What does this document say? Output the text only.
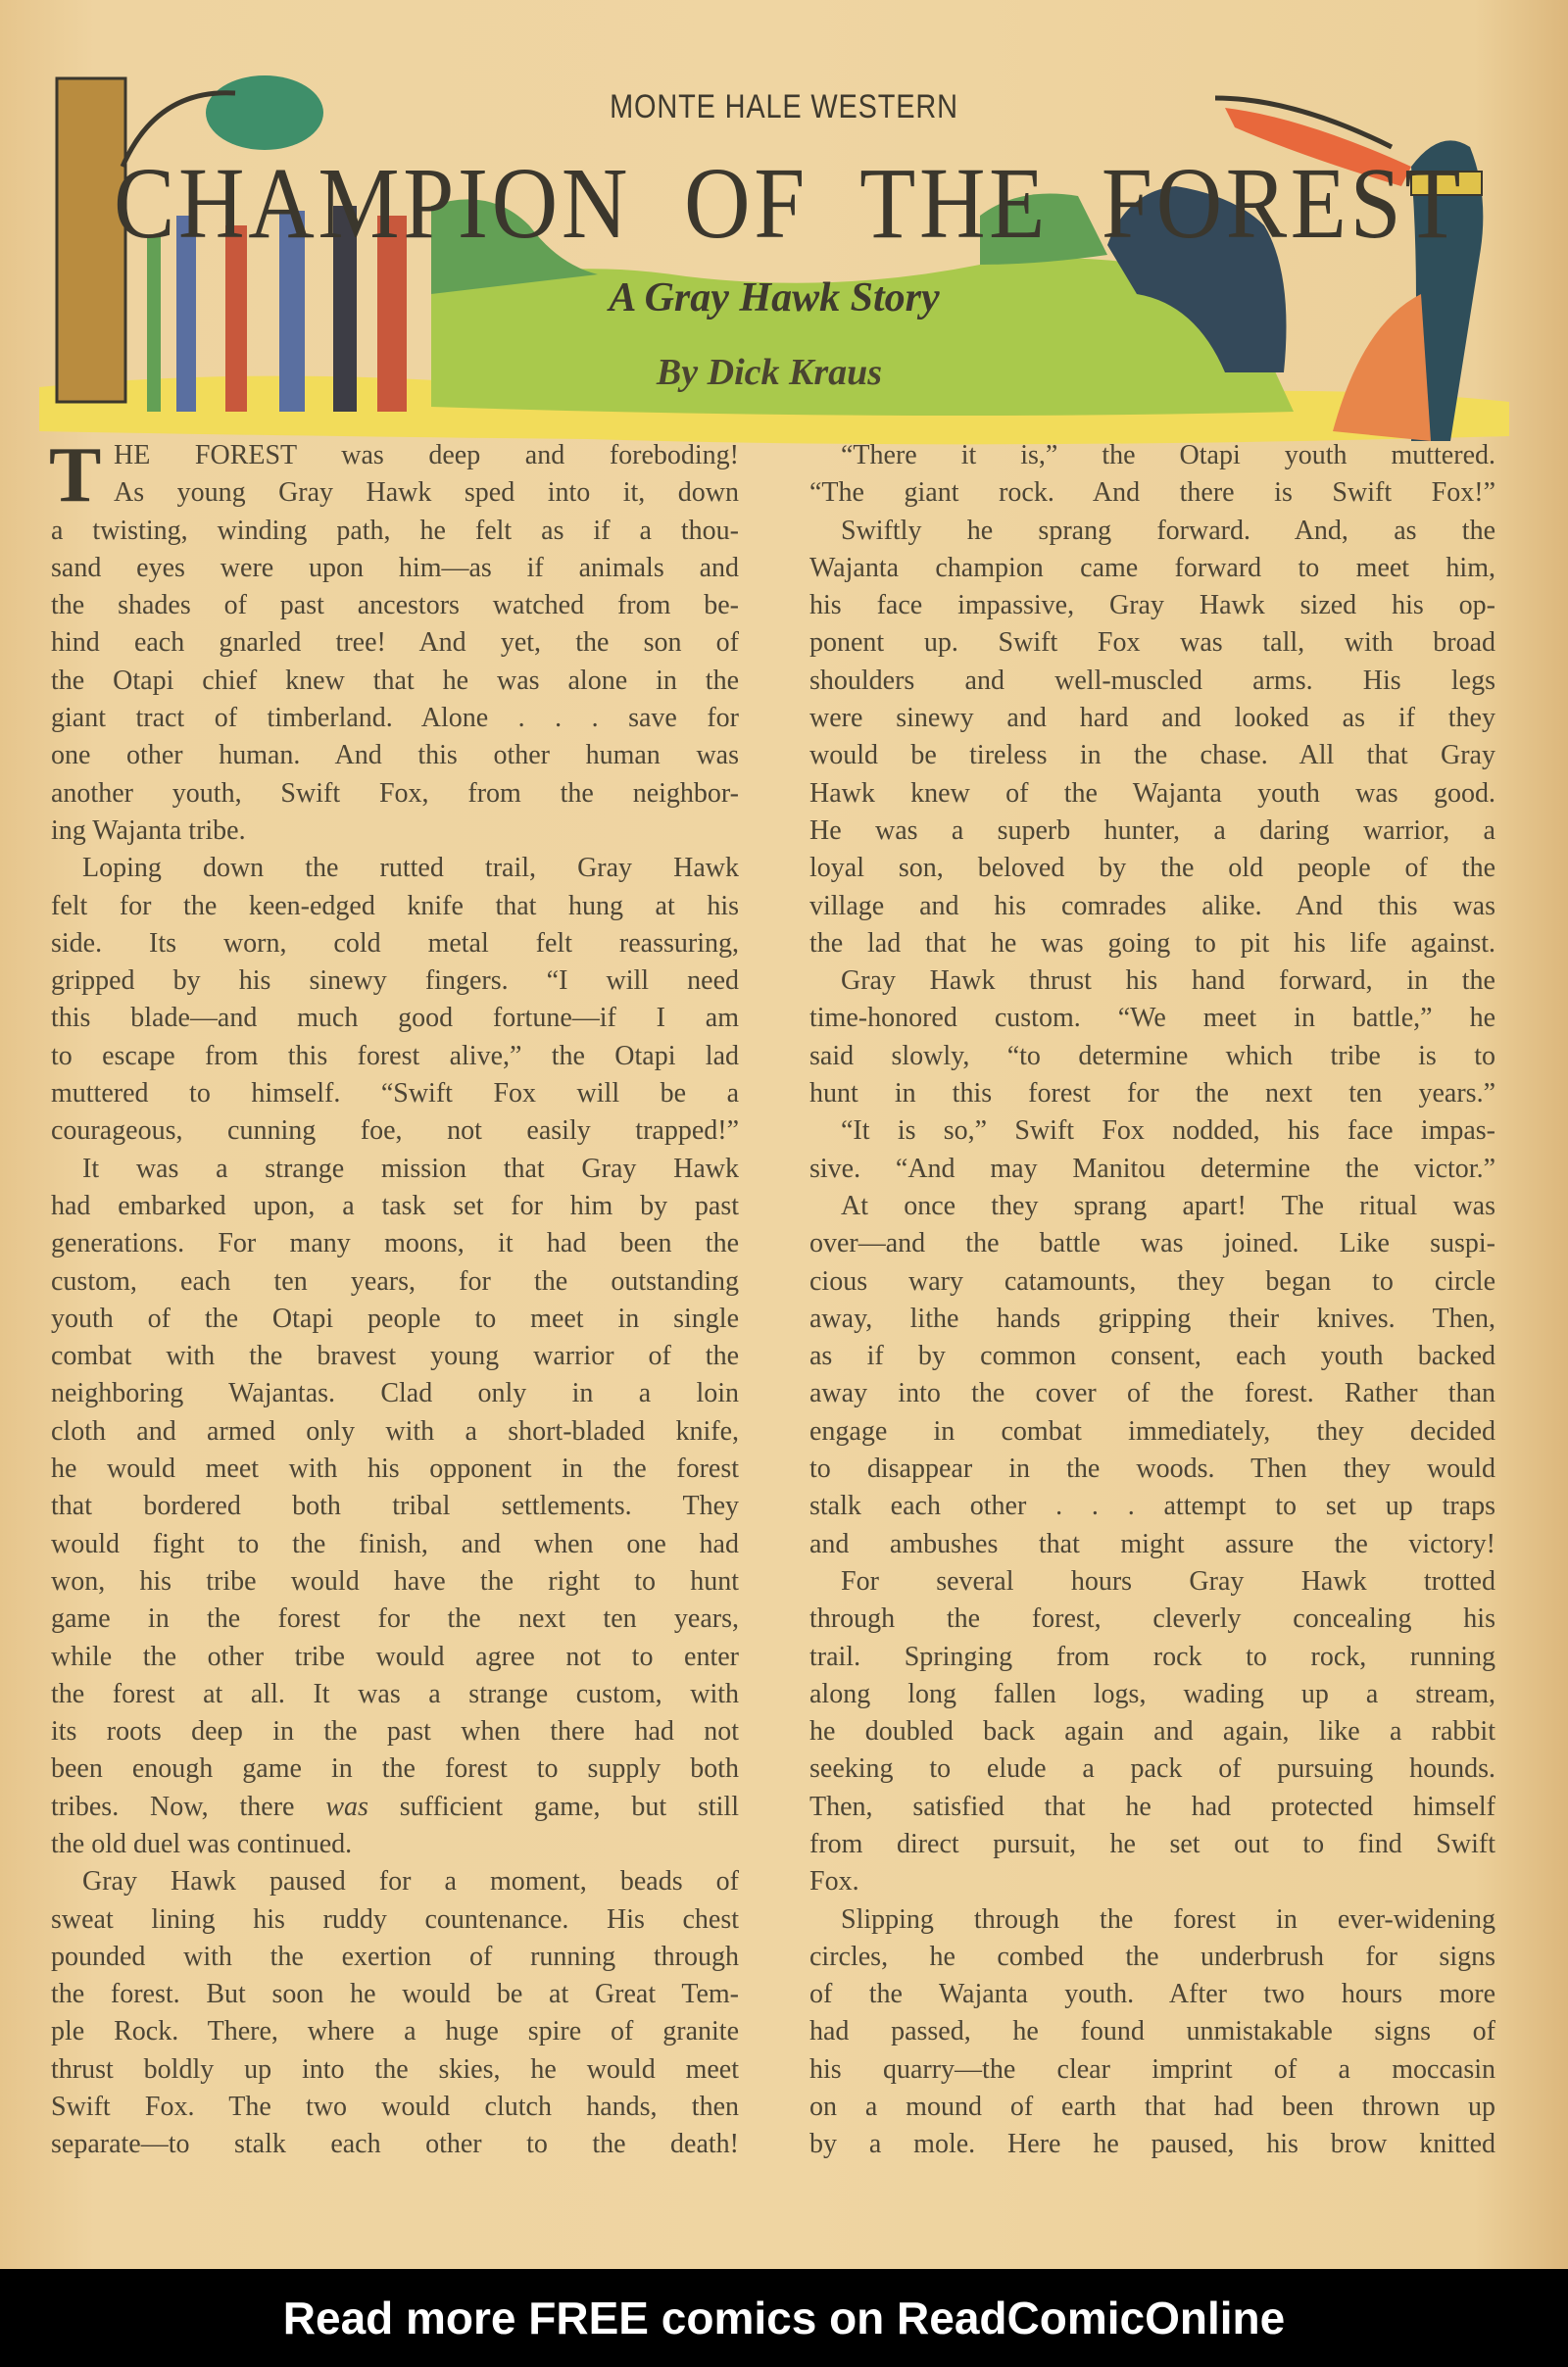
MONTE HALE WESTERN
CHAMPION OF THE FOREST
A Gray Hawk Story
By Dick Kraus
T HE FOREST was deep and foreboding!
As young Gray Hawk sped into it, down
a twisting, winding path, he felt as if a thou-
sand eyes were upon him—as if animals and
the shades of past ancestors watched from be-
hind each gnarled tree! And yet, the son of
the Otapi chief knew that he was alone in the
giant tract of timberland. Alone . . . save for
one other human. And this other human was
another youth, Swift Fox, from the neighbor-
ing Wajanta tribe.
Loping down the rutted trail, Gray Hawk
felt for the keen-edged knife that hung at his
side. Its worn, cold metal felt reassuring,
gripped by his sinewy fingers. “I will need
this blade—and much good fortune—if I am
to escape from this forest alive,” the Otapi lad
muttered to himself. “Swift Fox will be a
courageous, cunning foe, not easily trapped!”
It was a strange mission that Gray Hawk
had embarked upon, a task set for him by past
generations. For many moons, it had been the
custom, each ten years, for the outstanding
youth of the Otapi people to meet in single
combat with the bravest young warrior of the
neighboring Wajantas. Clad only in a loin
cloth and armed only with a short-bladed knife,
he would meet with his opponent in the forest
that bordered both tribal settlements. They
would fight to the finish, and when one had
won, his tribe would have the right to hunt
game in the forest for the next ten years,
while the other tribe would agree not to enter
the forest at all. It was a strange custom, with
its roots deep in the past when there had not
been enough game in the forest to supply both
tribes. Now, there was sufficient game, but still
the old duel was continued.
Gray Hawk paused for a moment, beads of
sweat lining his ruddy countenance. His chest
pounded with the exertion of running through
the forest. But soon he would be at Great Tem-
ple Rock. There, where a huge spire of granite
thrust boldly up into the skies, he would meet
Swift Fox. The two would clutch hands, then
separate—to stalk each other to the death!
“There it is,” the Otapi youth muttered.
“The giant rock. And there is Swift Fox!”
Swiftly he sprang forward. And, as the
Wajanta champion came forward to meet him,
his face impassive, Gray Hawk sized his op-
ponent up. Swift Fox was tall, with broad
shoulders and well-muscled arms. His legs
were sinewy and hard and looked as if they
would be tireless in the chase. All that Gray
Hawk knew of the Wajanta youth was good.
He was a superb hunter, a daring warrior, a
loyal son, beloved by the old people of the
village and his comrades alike. And this was
the lad that he was going to pit his life against.
Gray Hawk thrust his hand forward, in the
time-honored custom. “We meet in battle,” he
said slowly, “to determine which tribe is to
hunt in this forest for the next ten years.”
“It is so,” Swift Fox nodded, his face impas-
sive. “And may Manitou determine the victor.”
At once they sprang apart! The ritual was
over—and the battle was joined. Like suspi-
cious wary catamounts, they began to circle
away, lithe hands gripping their knives. Then,
as if by common consent, each youth backed
away into the cover of the forest. Rather than
engage in combat immediately, they decided
to disappear in the woods. Then they would
stalk each other . . . attempt to set up traps
and ambushes that might assure the victory!
For several hours Gray Hawk trotted
through the forest, cleverly concealing his
trail. Springing from rock to rock, running
along long fallen logs, wading up a stream,
he doubled back again and again, like a rabbit
seeking to elude a pack of pursuing hounds.
Then, satisfied that he had protected himself
from direct pursuit, he set out to find Swift
Fox.
Slipping through the forest in ever-widening
circles, he combed the underbrush for signs
of the Wajanta youth. After two hours more
had passed, he found unmistakable signs of
his quarry—the clear imprint of a moccasin
on a mound of earth that had been thrown up
by a mole. Here he paused, his brow knitted
Read more FREE comics on ReadComicOnline
